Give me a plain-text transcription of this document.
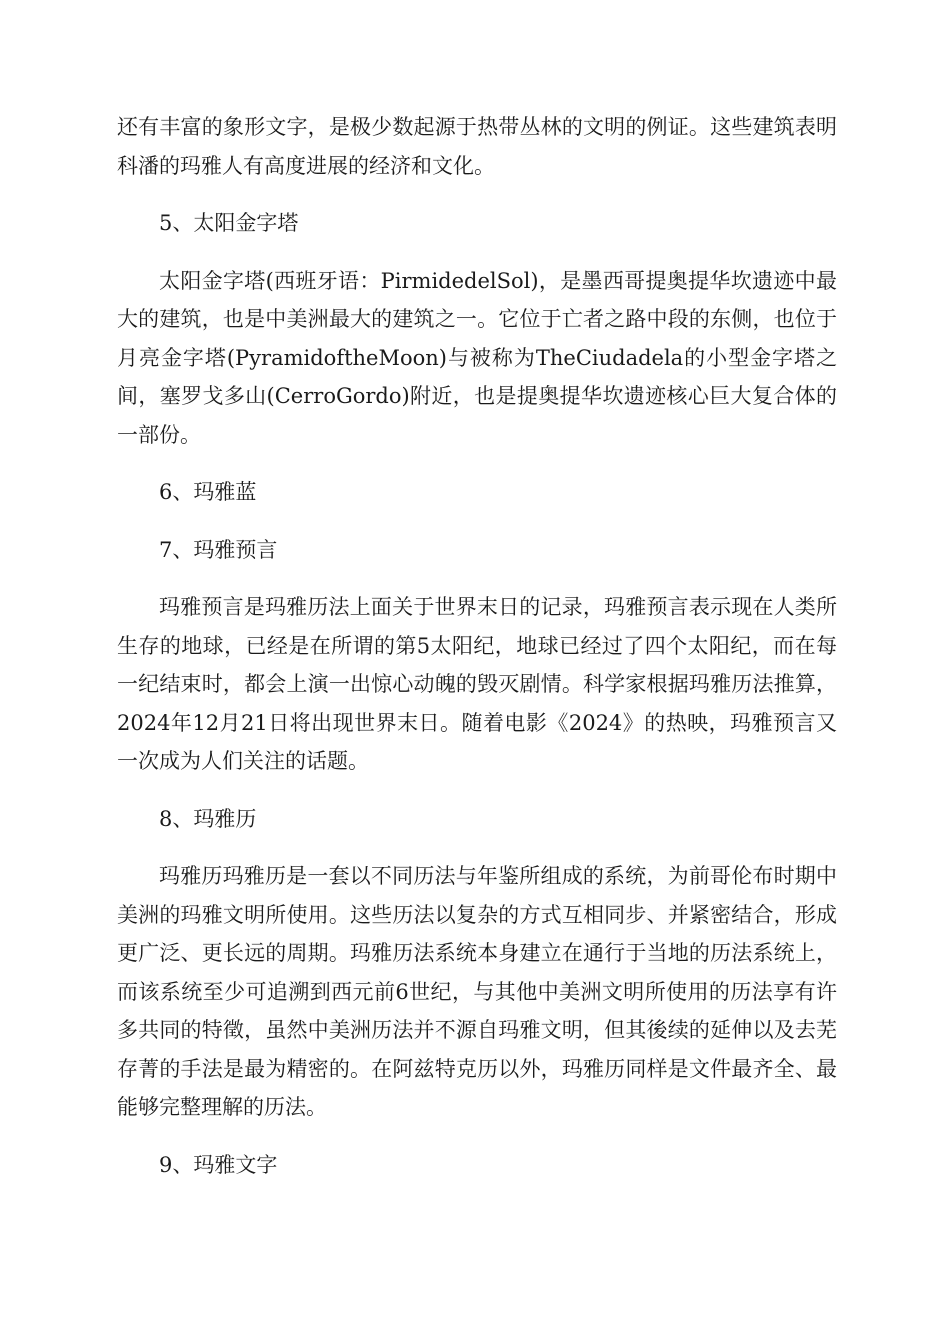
还有丰富的象形文字，是极少数起源于热带丛林的文明的例证。这些建筑表明科潘的玛雅人有高度进展的经济和文化。

5、太阳金字塔

太阳金字塔(西班牙语：PirmidedelSol)，是墨西哥提奥提华坎遗迹中最大的建筑，也是中美洲最大的建筑之一。它位于亡者之路中段的东侧，也位于月亮金字塔(PyramidoftheMoon)与被称为TheCiudadela的小型金字塔之间，塞罗戈多山(CerroGordo)附近，也是提奥提华坎遗迹核心巨大复合体的一部份。

6、玛雅蓝

7、玛雅预言

玛雅预言是玛雅历法上面关于世界末日的记录，玛雅预言表示现在人类所生存的地球，已经是在所谓的第5太阳纪，地球已经过了四个太阳纪，而在每一纪结束时，都会上演一出惊心动魄的毁灭剧情。科学家根据玛雅历法推算，2024年12月21日将出现世界末日。随着电影《2024》的热映，玛雅预言又一次成为人们关注的话题。

8、玛雅历

玛雅历玛雅历是一套以不同历法与年鉴所组成的系统，为前哥伦布时期中美洲的玛雅文明所使用。这些历法以复杂的方式互相同步、并紧密结合，形成更广泛、更长远的周期。玛雅历法系统本身建立在通行于当地的历法系统上，而该系统至少可追溯到西元前6世纪，与其他中美洲文明所使用的历法享有许多共同的特徵，虽然中美洲历法并不源自玛雅文明，但其後续的延伸以及去芜存菁的手法是最为精密的。在阿兹特克历以外，玛雅历同样是文件最齐全、最能够完整理解的历法。

9、玛雅文字
